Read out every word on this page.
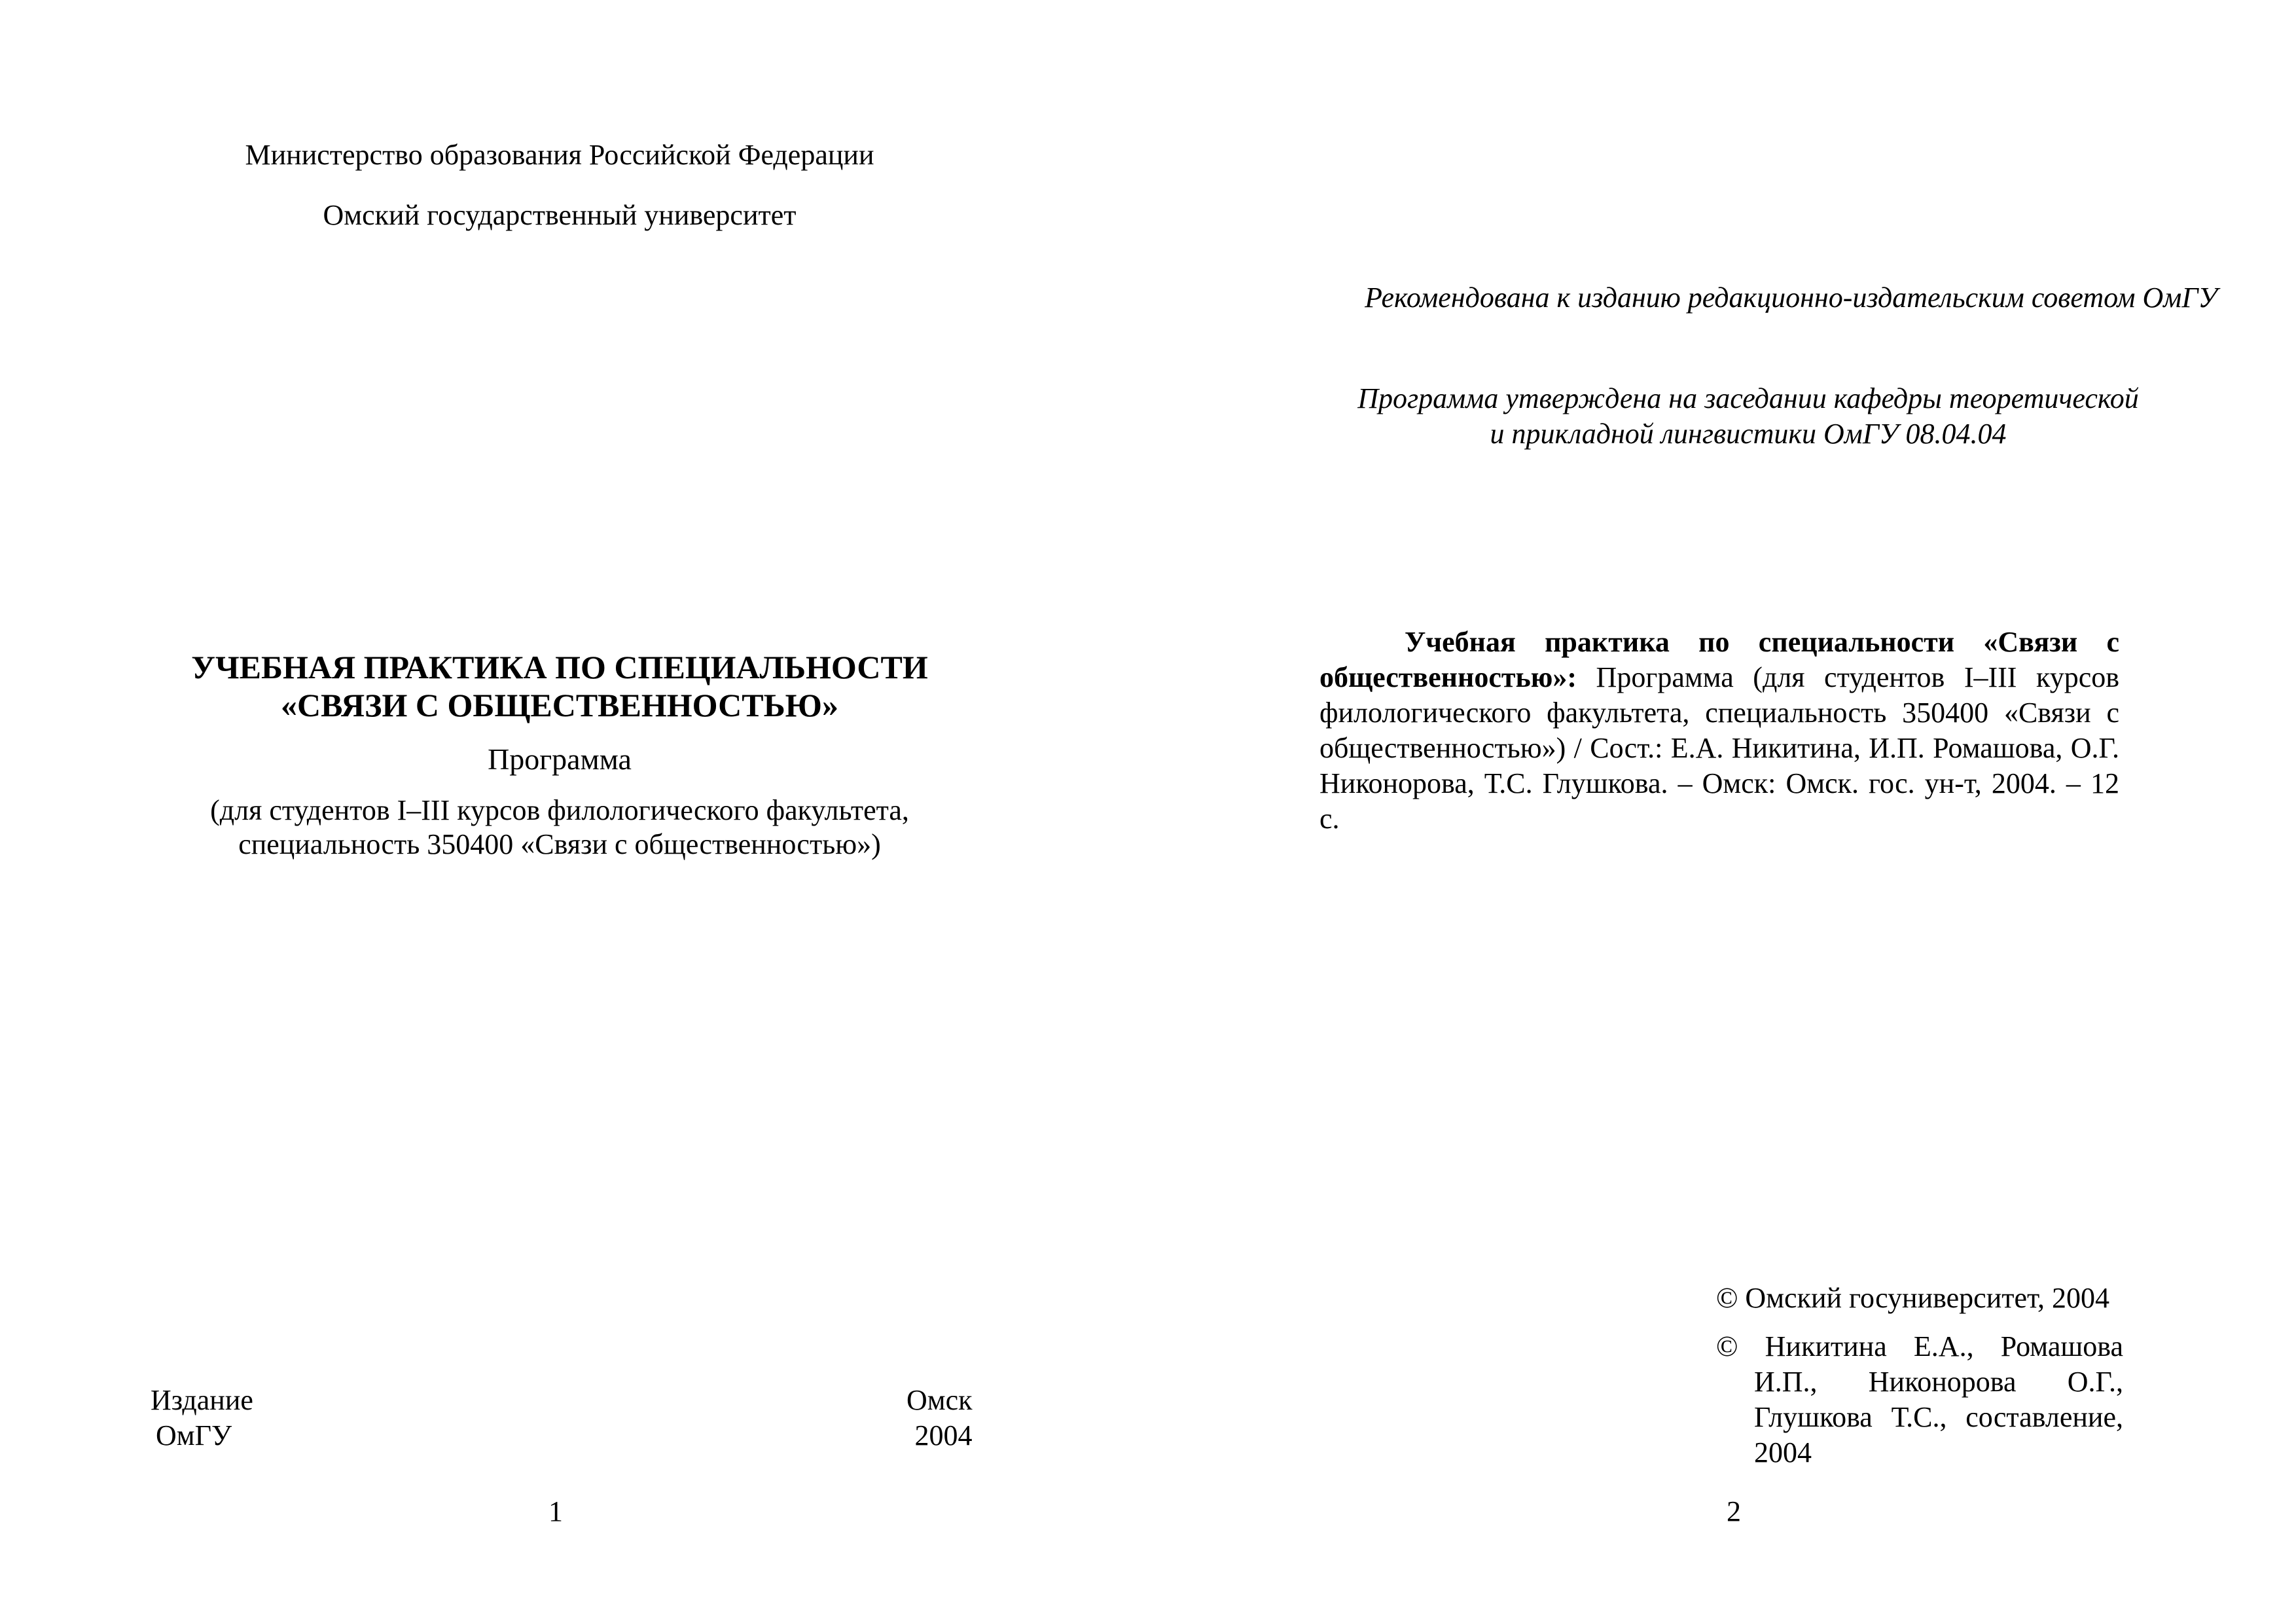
Министерство образования Российской Федерации
Омский государственный университет
УЧЕБНАЯ ПРАКТИКА ПО СПЕЦИАЛЬНОСТИ
«СВЯЗИ С ОБЩЕСТВЕННОСТЬЮ»
Программа
(для студентов I–III курсов филологического факультета,
специальность 350400 «Связи с общественностью»)
Издание
ОмГУ
Омск
2004
1
Рекомендована к изданию редакционно-издательским советом ОмГУ
Программа утверждена на заседании кафедры теоретической
и прикладной лингвистики ОмГУ 08.04.04
Учебная практика по специальности «Связи с общественностью»: Программа (для студентов I–III курсов филологического факультета, специальность 350400 «Связи с общественностью») / Сост.: Е.А. Никитина, И.П. Ромашова, О.Г. Никонорова, Т.С. Глушкова. – Омск: Омск. гос. ун-т, 2004. – 12 с.
© Омский госуниверситет, 2004
© Никитина Е.А., Ромашова И.П., Никонорова О.Г., Глушкова Т.С., составление, 2004
2
